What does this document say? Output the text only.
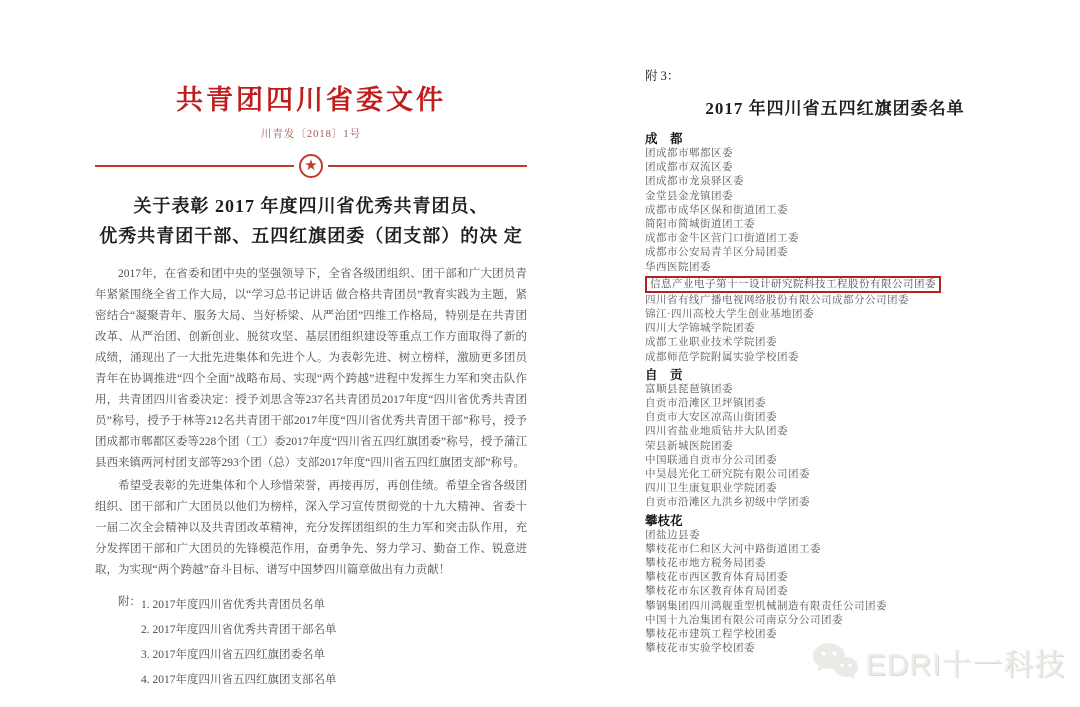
共青团四川省委文件
川青发〔2018〕1号
★
关于表彰 2017 年度四川省优秀共青团员、
优秀共青团干部、五四红旗团委（团支部）的决 定

2017年，在省委和团中央的坚强领导下，全省各级团组织、团干部和广大团员青年紧紧围绕全省工作大局，以“学习总书记讲话 做合格共青团员”教育实践为主题，紧密结合“凝聚青年、服务大局、当好桥梁、从严治团”四维工作格局，特别是在共青团改革、从严治团、创新创业、脱贫攻坚、基层团组织建设等重点工作方面取得了新的成绩，涌现出了一大批先进集体和先进个人。为表彰先进、树立榜样，激励更多团员青年在协调推进“四个全面”战略布局、实现“两个跨越”进程中发挥生力军和突击队作用，共青团四川省委决定：授予刘思含等237名共青团员2017年度“四川省优秀共青团员”称号，授予于林等212名共青团干部2017年度“四川省优秀共青团干部”称号，授予团成都市郫都区委等228个团（工）委2017年度“四川省五四红旗团委”称号，授予蒲江县西来镇两河村团支部等293个团（总）支部2017年度“四川省五四红旗团支部”称号。

希望受表彰的先进集体和个人珍惜荣誉，再接再厉，再创佳绩。希望全省各级团组织、团干部和广大团员以他们为榜样，深入学习宣传贯彻党的十九大精神、省委十一届二次全会精神以及共青团改革精神，充分发挥团组织的生力军和突击队作用，充分发挥团干部和广大团员的先锋模范作用，奋勇争先、努力学习、勤奋工作、锐意进取，为实现“两个跨越”奋斗目标、谱写中国梦四川篇章做出有力贡献！

附： 1. 2017年度四川省优秀共青团员名单
2. 2017年度四川省优秀共青团干部名单
3. 2017年度四川省五四红旗团委名单
4. 2017年度四川省五四红旗团支部名单
附 3：
2017 年四川省五四红旗团委名单
成　都
团成都市郫都区委
团成都市双流区委
团成都市龙泉驿区委
金堂县金龙镇团委
成都市成华区保和街道团工委
简阳市简城街道团工委
成都市金牛区营门口街道团工委
成都市公安局青羊区分局团委
华西医院团委
信息产业电子第十一设计研究院科技工程股份有限公司团委
四川省有线广播电视网络股份有限公司成都分公司团委
锦江·四川高校大学生创业基地团委
四川大学锦城学院团委
成都工业职业技术学院团委
成都师范学院附属实验学校团委
自　贡
富顺县琵琶镇团委
自贡市沿滩区卫坪镇团委
自贡市大安区凉高山街团委
四川省盐业地质钻井大队团委
荣县新城医院团委
中国联通自贡市分公司团委
中昊晨光化工研究院有限公司团委
四川卫生康复职业学院团委
自贡市沿滩区九洪乡初级中学团委
攀枝花
团盐边县委
攀枝花市仁和区大河中路街道团工委
攀枝花市地方税务局团委
攀枝花市西区教育体育局团委
攀枝花市东区教育体育局团委
攀钢集团四川鸿舰重型机械制造有限责任公司团委
中国十九冶集团有限公司南京分公司团委
攀枝花市建筑工程学校团委
攀枝花市实验学校团委
EDRI十一科技
